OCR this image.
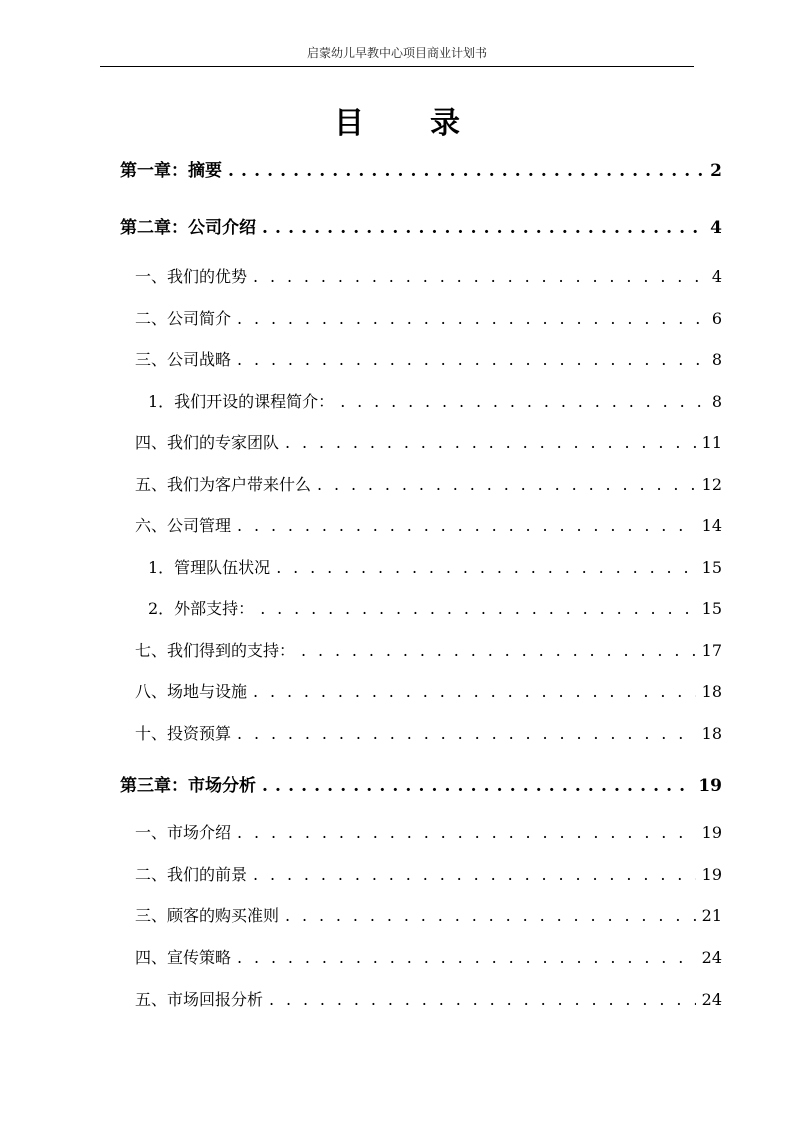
启蒙幼儿早教中心项目商业计划书
目录
第一章：摘要 . . .	2
第二章：公司介绍 . . .	4
一、我们的优势 . . .	4
二、公司简介 . . .	6
三、公司战略 . . .	8
1．我们开设的课程简介： . . .	8
四、我们的专家团队 . . .	11
五、我们为客户带来什么 . . .	12
六、公司管理 . . .	14
1．管理队伍状况 . . .	15
2．外部支持： . . .	15
七、我们得到的支持： . . .	17
八、场地与设施 . . .	18
十、投资预算 . . .	18
第三章：市场分析 . . .	19
一、市场介绍 . . .	19
二、我们的前景 . . .	19
三、顾客的购买准则 . . .	21
四、宣传策略 . . .	24
五、市场回报分析 . . .	24
